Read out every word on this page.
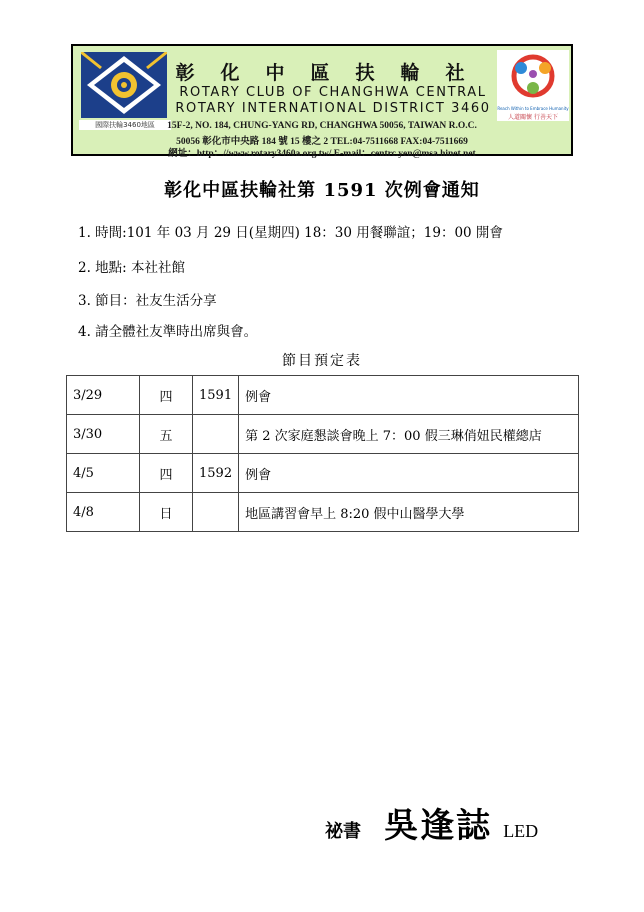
國際扶輪3460地區
彰化中區扶輪社
ROTARY CLUB OF CHANGHWA CENTRAL
ROTARY INTERNATIONAL DISTRICT 3460	Reach Within to Embrace Humanity
人道關懷 行善天下
15F-2, NO. 184, CHUNG-YANG RD, CHANGHWA 50056, TAIWAN R.O.C.
50056 彰化市中央路 184 號 15 樓之 2 TEL:04-7511668 FAX:04-7511669
網址：http：//www.rotary3460a.org.tw/ E-mail：centrc.yen@msa.hinet.net
彰化中區扶輪社第 1591 次例會通知
1. 時間:101 年 03 月 29 日(星期四) 18：30 用餐聯誼；19：00 開會
2. 地點: 本社社館
3. 節目：社友生活分享
4. 請全體社友準時出席與會。
節目預定表
3/29	四	1591	例會
3/30	五		第 2 次家庭懇談會晚上 7：00 假三琳俏妞民權總店
4/5	四	1592	例會
4/8	日		地區講習會早上 8:20 假中山醫學大學
祕書 吳逢誌 LED
